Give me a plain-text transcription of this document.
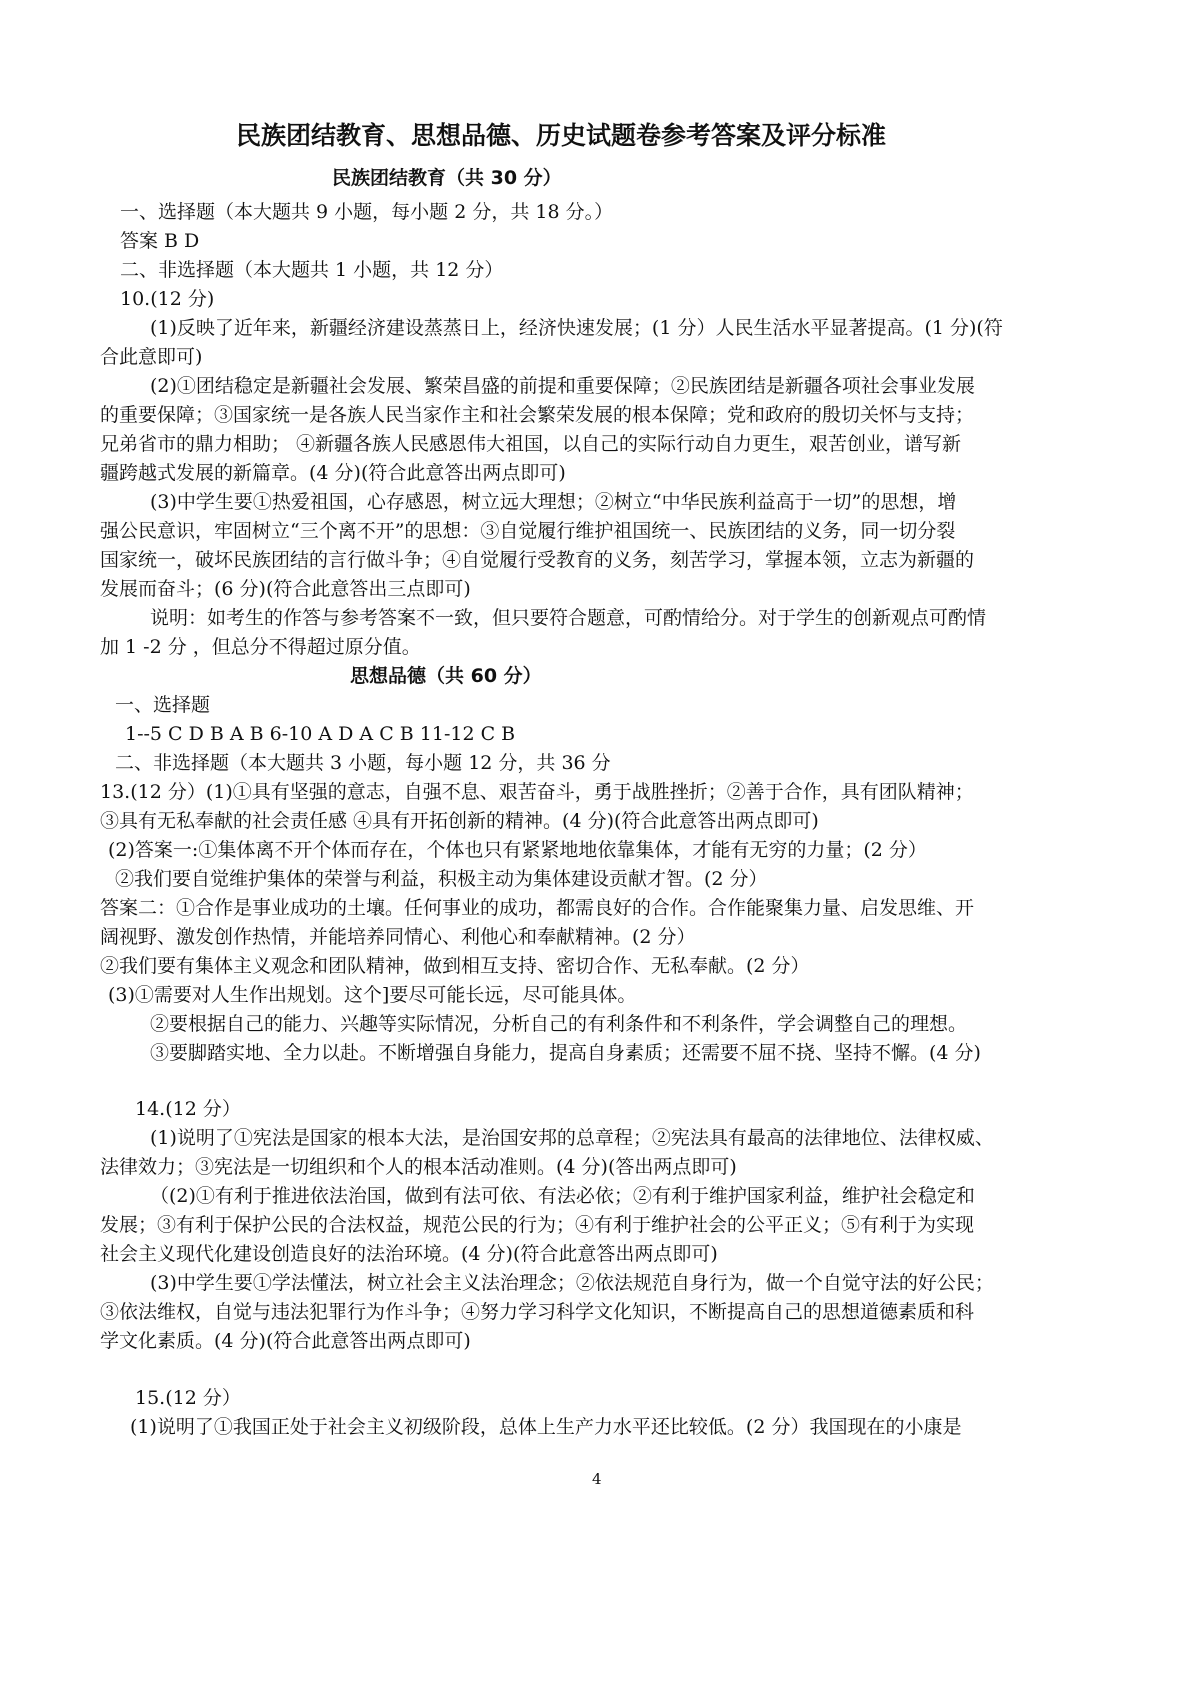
民族团结教育、思想品德、历史试题卷参考答案及评分标准
民族团结教育（共 30 分）
一、选择题（本大题共 9 小题，每小题 2 分，共 18 分。）
答案 B D
二、非选择题（本大题共 1 小题，共 12 分）
10.(12 分)
(1)反映了近年来，新疆经济建设蒸蒸日上，经济快速发展；(1 分）人民生活水平显著提高。(1 分)(符
合此意即可)
(2)①团结稳定是新疆社会发展、繁荣昌盛的前提和重要保障；②民族团结是新疆各项社会事业发展
的重要保障；③国家统一是各族人民当家作主和社会繁荣发展的根本保障；党和政府的殷切关怀与支持；
兄弟省市的鼎力相助； ④新疆各族人民感恩伟大祖国，以自己的实际行动自力更生，艰苦创业，谱写新
疆跨越式发展的新篇章。(4 分)(符合此意答出两点即可)
(3)中学生要①热爱祖国，心存感恩，树立远大理想；②树立“中华民族利益高于一切”的思想，增
强公民意识，牢固树立“三个离不开”的思想：③自觉履行维护祖国统一、民族团结的义务，同一切分裂
国家统一，破坏民族团结的言行做斗争；④自觉履行受教育的义务，刻苦学习，掌握本领，立志为新疆的
发展而奋斗；(6 分)(符合此意答出三点即可)
说明：如考生的作答与参考答案不一致，但只要符合题意，可酌情给分。对于学生的创新观点可酌情
加 1 -2 分 ，但总分不得超过原分值。
思想品德（共 60 分）
一、选择题
1--5 C D B A B 6-10 A D A C B 11-12 C B
二、非选择题（本大题共 3 小题，每小题 12 分，共 36 分
13.(12 分）(1)①具有坚强的意志，自强不息、艰苦奋斗，勇于战胜挫折；②善于合作，具有团队精神；
③具有无私奉献的社会责任感 ④具有开拓创新的精神。(4 分)(符合此意答出两点即可)
(2)答案一:①集体离不开个体而存在，个体也只有紧紧地地依靠集体，才能有无穷的力量；(2 分）
②我们要自觉维护集体的荣誉与利益，积极主动为集体建设贡献才智。(2 分）
答案二：①合作是事业成功的土壤。任何事业的成功，都需良好的合作。合作能聚集力量、启发思维、开
阔视野、激发创作热情，并能培养同情心、利他心和奉献精神。(2 分）
②我们要有集体主义观念和团队精神，做到相互支持、密切合作、无私奉献。(2 分）
(3)①需要对人生作出规划。这个]要尽可能长远，尽可能具体。
②要根据自己的能力、兴趣等实际情况，分析自己的有利条件和不利条件，学会调整自己的理想。
③要脚踏实地、全力以赴。不断增强自身能力，提高自身素质；还需要不屈不挠、坚持不懈。(4 分)
14.(12 分）
(1)说明了①宪法是国家的根本大法，是治国安邦的总章程；②宪法具有最高的法律地位、法律权威、
法律效力；③宪法是一切组织和个人的根本活动准则。(4 分)(答出两点即可)
（(2)①有利于推进依法治国，做到有法可依、有法必依；②有利于维护国家利益，维护社会稳定和
发展；③有利于保护公民的合法权益，规范公民的行为；④有利于维护社会的公平正义；⑤有利于为实现
社会主义现代化建设创造良好的法治环境。(4 分)(符合此意答出两点即可)
(3)中学生要①学法懂法，树立社会主义法治理念；②依法规范自身行为，做一个自觉守法的好公民；
③依法维权，自觉与违法犯罪行为作斗争；④努力学习科学文化知识，不断提高自己的思想道德素质和科
学文化素质。(4 分)(符合此意答出两点即可)
15.(12 分）
(1)说明了①我国正处于社会主义初级阶段，总体上生产力水平还比较低。(2 分）我国现在的小康是
4
